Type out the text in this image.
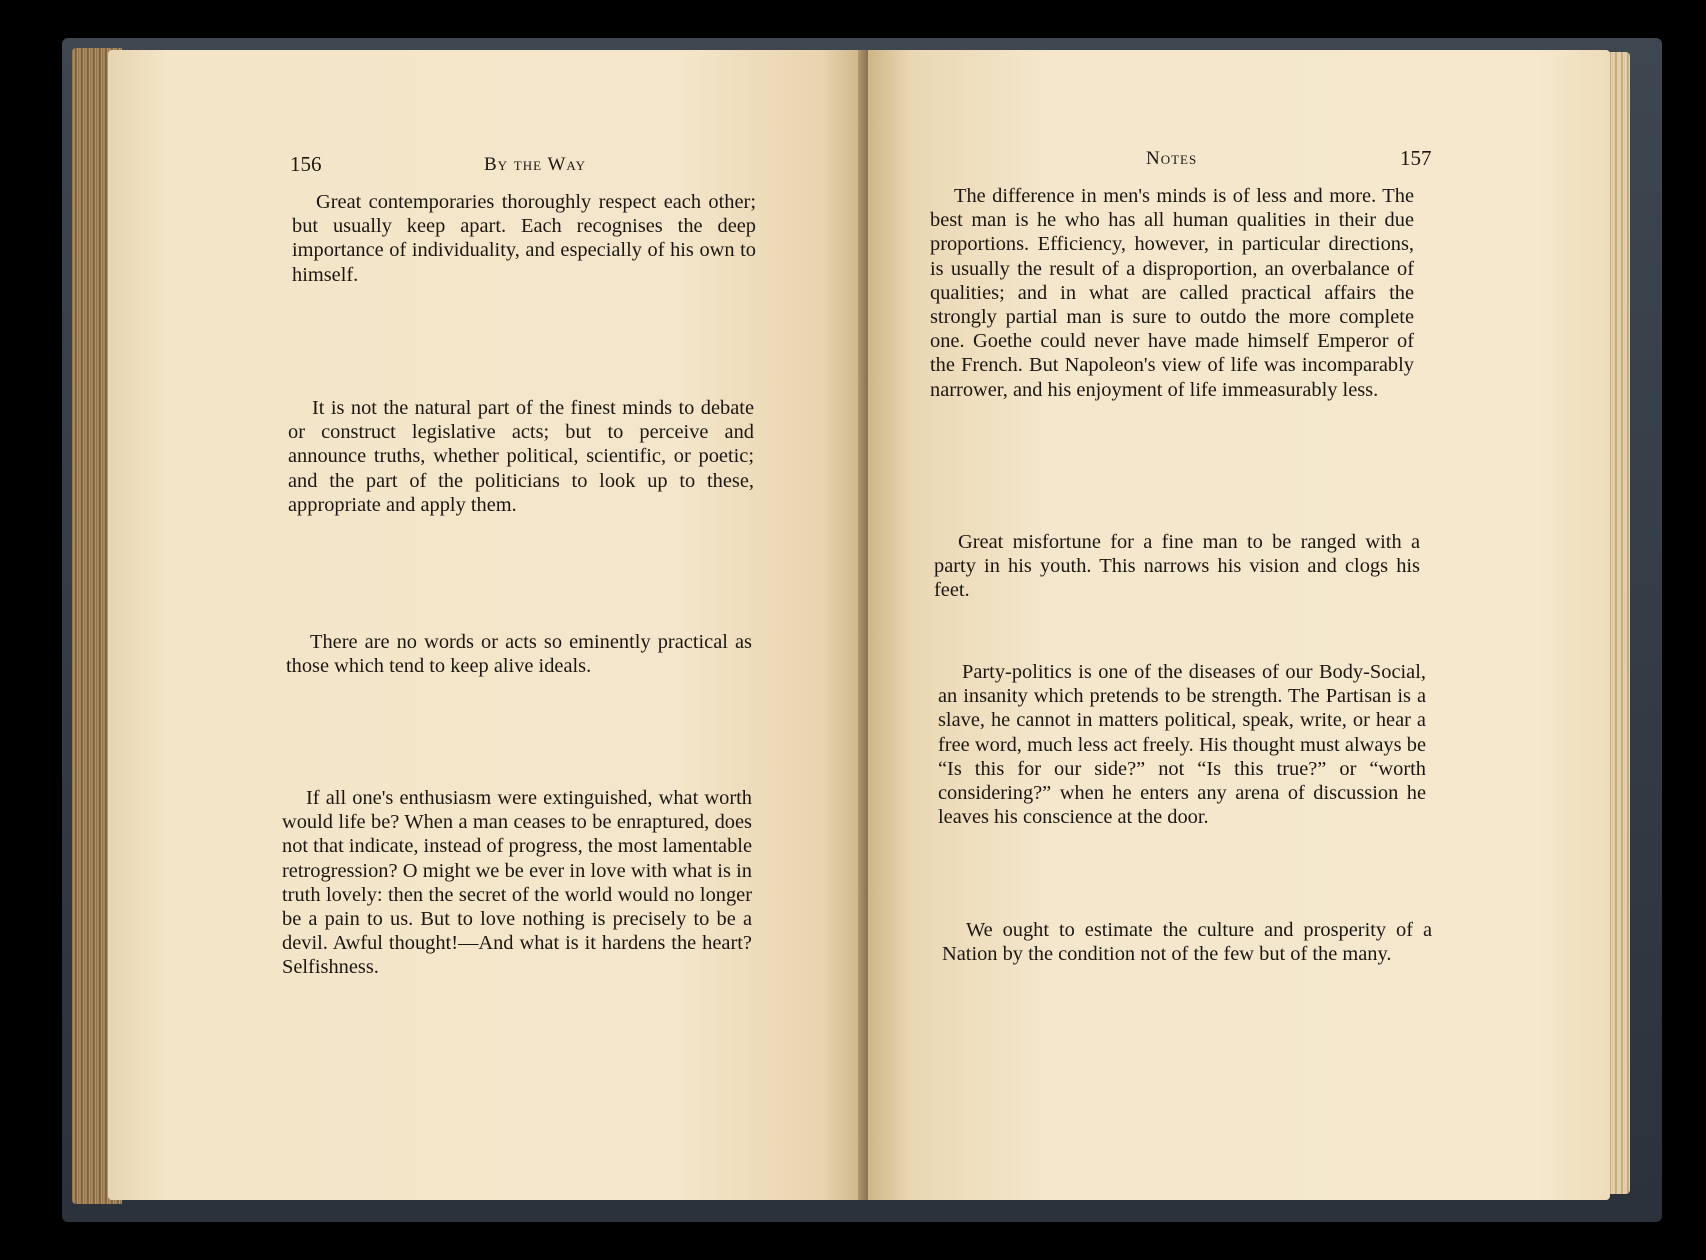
156	By the Way

Great contemporaries thoroughly respect each other; but usually keep apart. Each recognises the deep importance of individuality, and especially of his own to himself.

It is not the natural part of the finest minds to debate or construct legislative acts; but to perceive and announce truths, whether political, scientific, or poetic; and the part of the politicians to look up to these, appropriate and apply them.

There are no words or acts so eminently practical as those which tend to keep alive ideals.

If all one's enthusiasm were extinguished, what worth would life be? When a man ceases to be enraptured, does not that indicate, instead of progress, the most lamentable retrogression? O might we be ever in love with what is in truth lovely: then the secret of the world would no longer be a pain to us. But to love nothing is precisely to be a devil. Awful thought!—And what is it hardens the heart? Selfishness.

Notes	157

The difference in men's minds is of less and more. The best man is he who has all human qualities in their due proportions. Efficiency, however, in particular directions, is usually the result of a disproportion, an overbalance of qualities; and in what are called practical affairs the strongly partial man is sure to outdo the more complete one. Goethe could never have made himself Emperor of the French. But Napoleon's view of life was incomparably narrower, and his enjoyment of life immeasurably less.

Great misfortune for a fine man to be ranged with a party in his youth. This narrows his vision and clogs his feet.

Party-politics is one of the diseases of our Body-Social, an insanity which pretends to be strength. The Partisan is a slave, he cannot in matters political, speak, write, or hear a free word, much less act freely. His thought must always be “Is this for our side?” not “Is this true?” or “worth considering?” when he enters any arena of discussion he leaves his conscience at the door.

We ought to estimate the culture and prosperity of a Nation by the condition not of the few but of the many.
